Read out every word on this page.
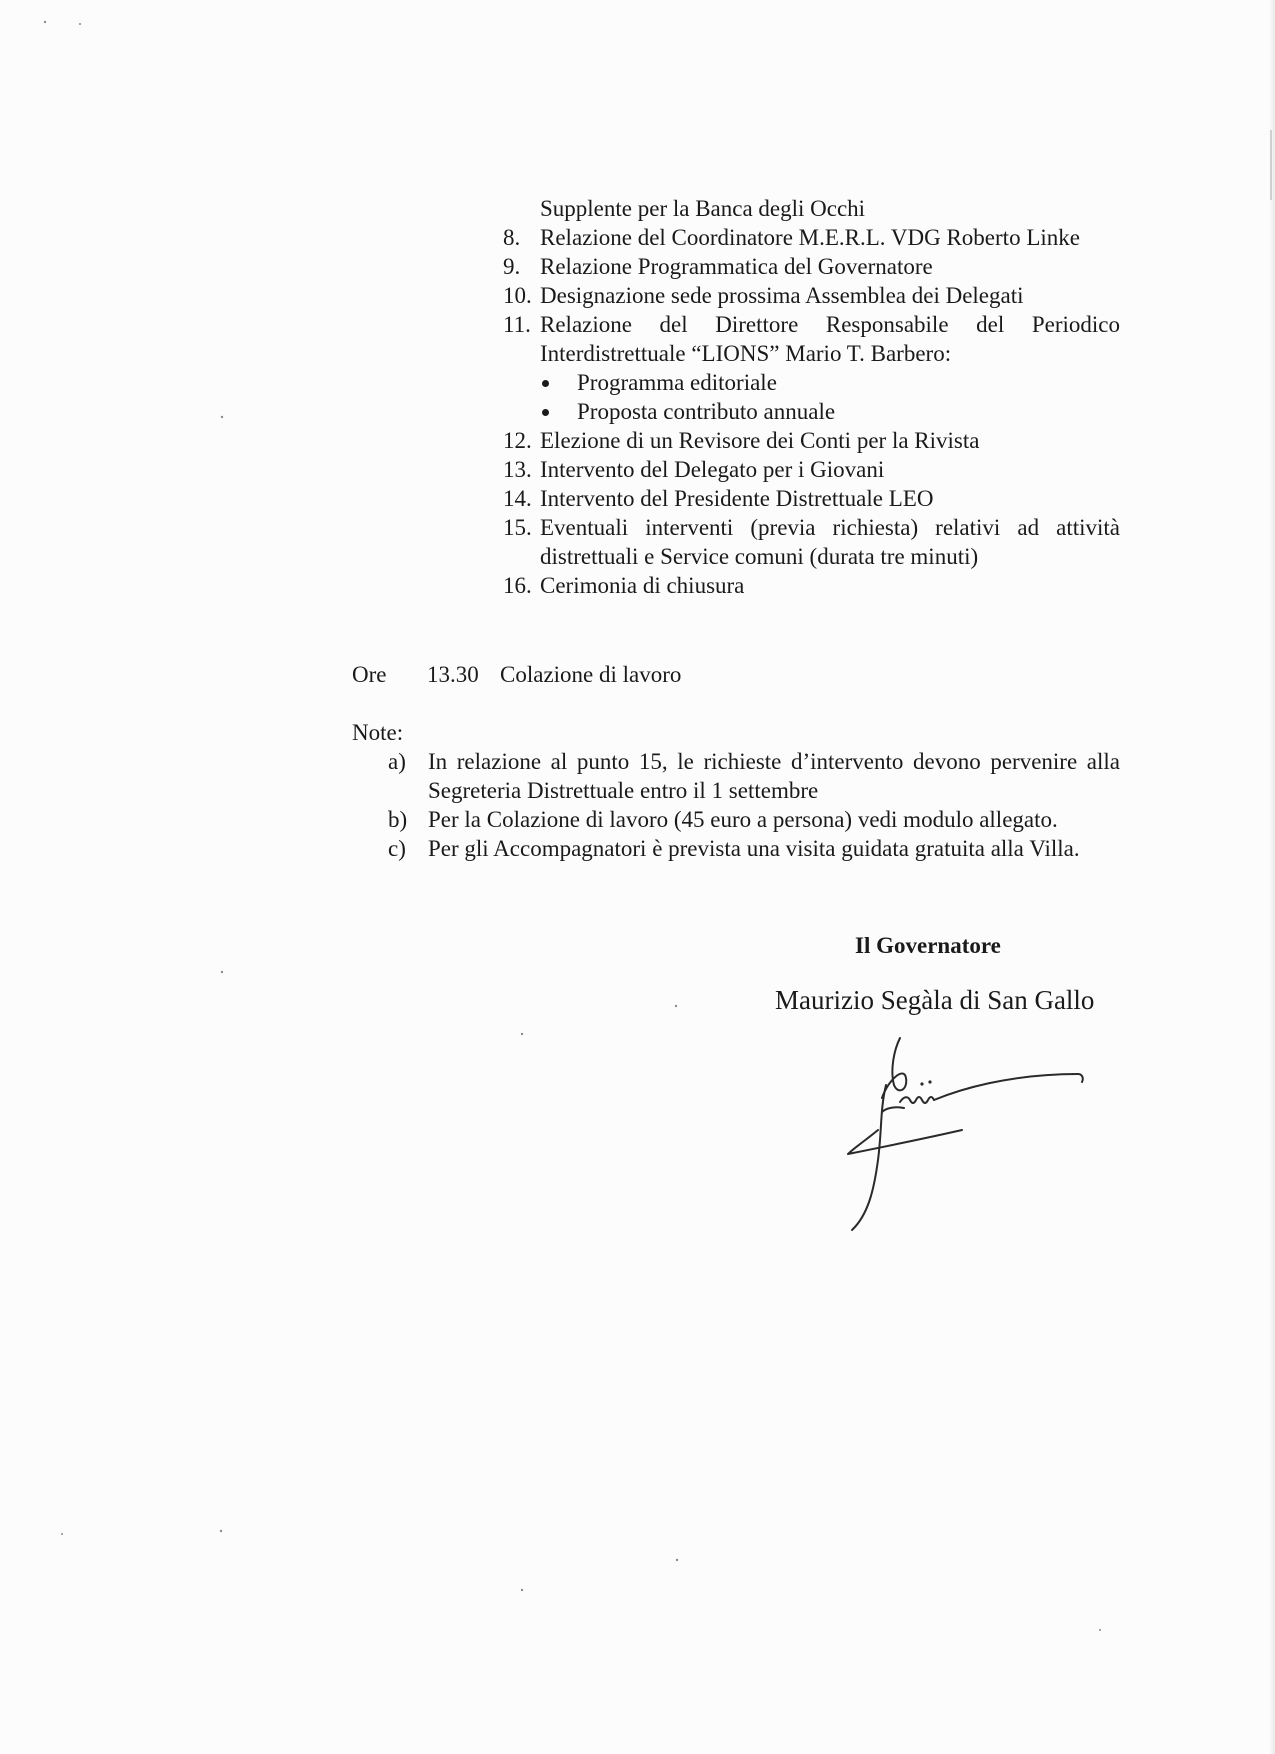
Supplente per la Banca degli Occhi
8. Relazione del Coordinatore M.E.R.L. VDG Roberto Linke
9. Relazione Programmatica del Governatore
10. Designazione sede prossima Assemblea dei Delegati
11. Relazione del Direttore Responsabile del Periodico Interdistrettuale “LIONS” Mario T. Barbero:
Programma editoriale
Proposta contributo annuale
12. Elezione di un Revisore dei Conti per la Rivista
13. Intervento del Delegato per i Giovani
14. Intervento del Presidente Distrettuale LEO
15. Eventuali interventi (previa richiesta) relativi ad attività distrettuali e Service comuni (durata tre minuti)
16. Cerimonia di chiusura
Ore 13.30 Colazione di lavoro
Note:
a) In relazione al punto 15, le richieste d’intervento devono pervenire alla Segreteria Distrettuale entro il 1 settembre
b) Per la Colazione di lavoro (45 euro a persona) vedi modulo allegato.
c) Per gli Accompagnatori è prevista una visita guidata gratuita alla Villa.
Il Governatore
Maurizio Segàla di San Gallo
